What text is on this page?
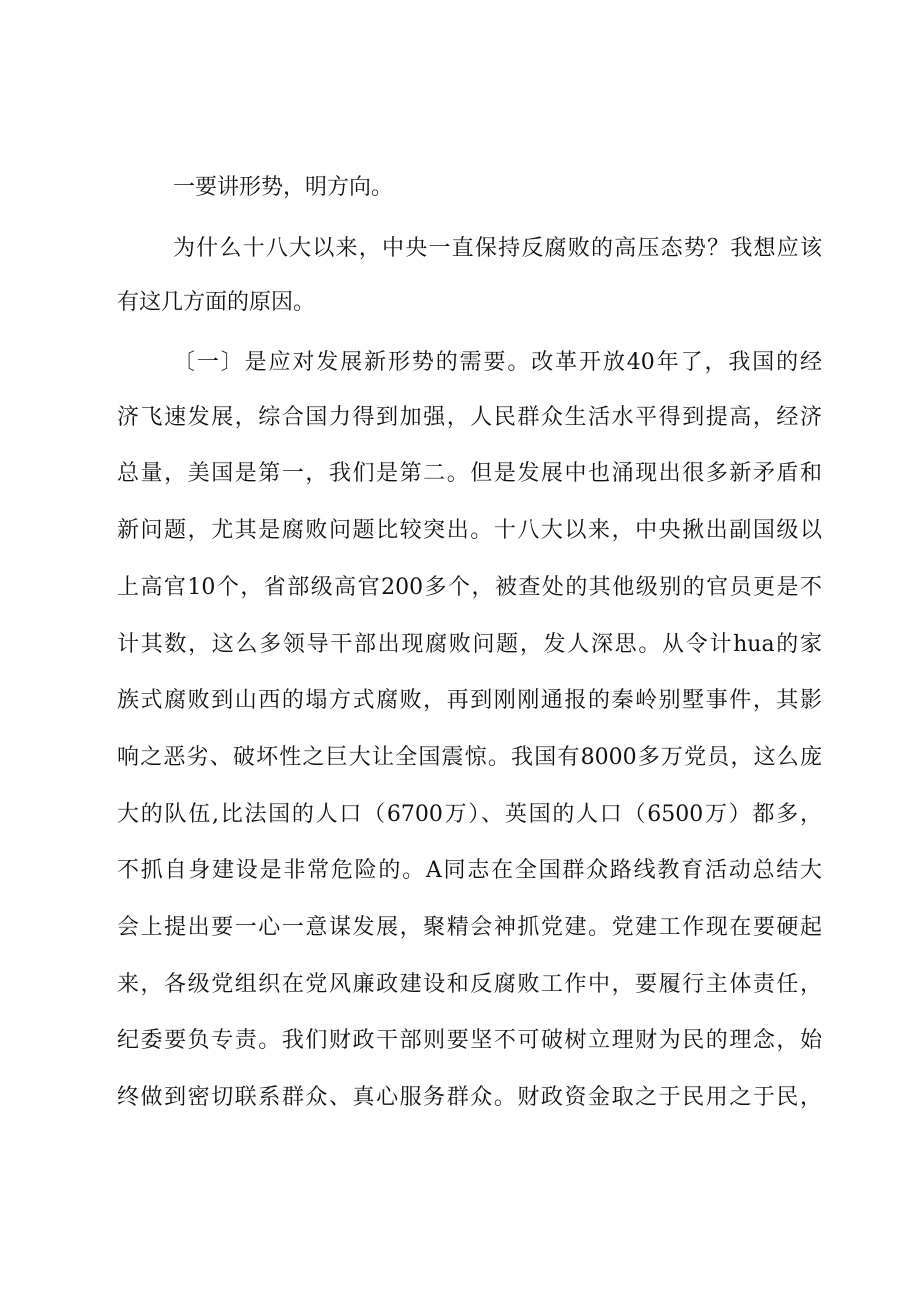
一要讲形势，明方向。

为什么十八大以来，中央一直保持反腐败的高压态势？我想应该

有这几方面的原因。

〔一〕是应对发展新形势的需要。改革开放40年了，我国的经

济飞速发展，综合国力得到加强，人民群众生活水平得到提高，经济

总量，美国是第一，我们是第二。但是发展中也涌现出很多新矛盾和

新问题，尤其是腐败问题比较突出。十八大以来，中央揪出副国级以

上高官10个，省部级高官200多个，被查处的其他级别的官员更是不

计其数，这么多领导干部出现腐败问题，发人深思。从令计hua的家

族式腐败到山西的塌方式腐败，再到刚刚通报的秦岭别墅事件，其影

响之恶劣、破坏性之巨大让全国震惊。我国有8000多万党员，这么庞

大的队伍,比法国的人口（6700万）、英国的人口（6500万）都多，

不抓自身建设是非常危险的。A同志在全国群众路线教育活动总结大

会上提出要一心一意谋发展，聚精会神抓党建。党建工作现在要硬起

来，各级党组织在党风廉政建设和反腐败工作中，要履行主体责任，

纪委要负专责。我们财政干部则要坚不可破树立理财为民的理念，始

终做到密切联系群众、真心服务群众。财政资金取之于民用之于民，
